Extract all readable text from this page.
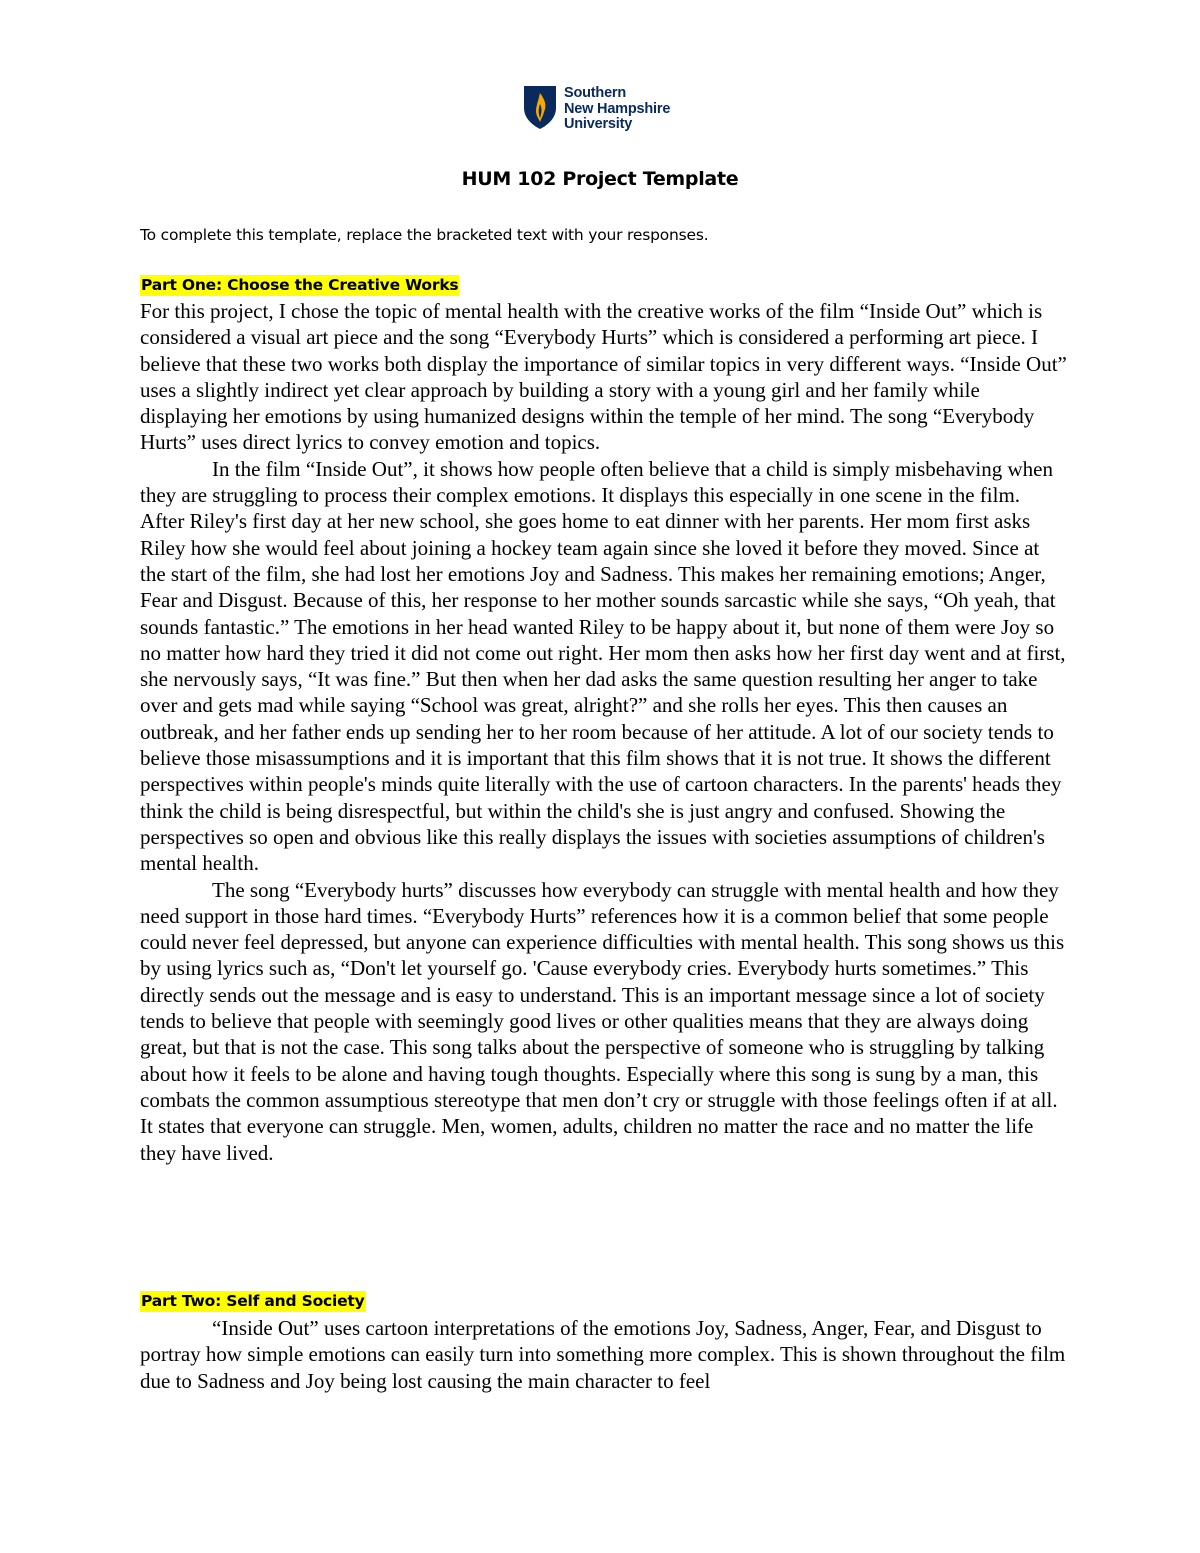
Southern
New Hampshire
University
HUM 102 Project Template
To complete this template, replace the bracketed text with your responses.
Part One: Choose the Creative Works

For this project, I chose the topic of mental health with the creative works of the film “Inside Out” which is considered a visual art piece and the song “Everybody Hurts” which is considered a performing art piece. I believe that these two works both display the importance of similar topics in very different ways. “Inside Out” uses a slightly indirect yet clear approach by building a story with a young girl and her family while displaying her emotions by using humanized designs within the temple of her mind. The song “Everybody Hurts” uses direct lyrics to convey emotion and topics.

In the film “Inside Out”, it shows how people often believe that a child is simply misbehaving when they are struggling to process their complex emotions. It displays this especially in one scene in the film. After Riley's first day at her new school, she goes home to eat dinner with her parents. Her mom first asks Riley how she would feel about joining a hockey team again since she loved it before they moved. Since at the start of the film, she had lost her emotions Joy and Sadness. This makes her remaining emotions; Anger, Fear and Disgust. Because of this, her response to her mother sounds sarcastic while she says, “Oh yeah, that sounds fantastic.” The emotions in her head wanted Riley to be happy about it, but none of them were Joy so no matter how hard they tried it did not come out right. Her mom then asks how her first day went and at first, she nervously says, “It was fine.” But then when her dad asks the same question resulting her anger to take over and gets mad while saying “School was great, alright?” and she rolls her eyes. This then causes an outbreak, and her father ends up sending her to her room because of her attitude. A lot of our society tends to believe those misassumptions and it is important that this film shows that it is not true. It shows the different perspectives within people's minds quite literally with the use of cartoon characters. In the parents' heads they think the child is being disrespectful, but within the child's she is just angry and confused. Showing the perspectives so open and obvious like this really displays the issues with societies assumptions of children's mental health.

The song “Everybody hurts” discusses how everybody can struggle with mental health and how they need support in those hard times. “Everybody Hurts” references how it is a common belief that some people could never feel depressed, but anyone can experience difficulties with mental health. This song shows us this by using lyrics such as, “Don't let yourself go. 'Cause everybody cries. Everybody hurts sometimes.” This directly sends out the message and is easy to understand. This is an important message since a lot of society tends to believe that people with seemingly good lives or other qualities means that they are always doing great, but that is not the case. This song talks about the perspective of someone who is struggling by talking about how it feels to be alone and having tough thoughts. Especially where this song is sung by a man, this combats the common assumptious stereotype that men don’t cry or struggle with those feelings often if at all. It states that everyone can struggle. Men, women, adults, children no matter the race and no matter the life they have lived.

Part Two: Self and Society

“Inside Out” uses cartoon interpretations of the emotions Joy, Sadness, Anger, Fear, and Disgust to portray how simple emotions can easily turn into something more complex. This is shown throughout the film due to Sadness and Joy being lost causing the main character to feel
